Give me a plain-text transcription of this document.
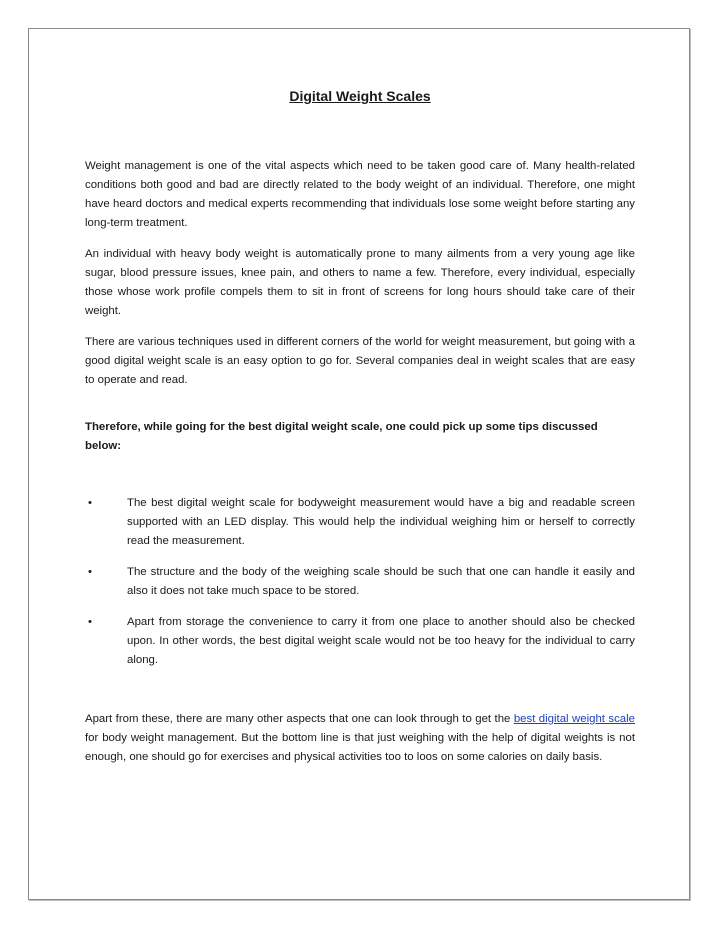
Digital Weight Scales

Weight management is one of the vital aspects which need to be taken good care of. Many health-related conditions both good and bad are directly related to the body weight of an individual. Therefore, one might have heard doctors and medical experts recommending that individuals lose some weight before starting any long-term treatment.

An individual with heavy body weight is automatically prone to many ailments from a very young age like sugar, blood pressure issues, knee pain, and others to name a few. Therefore, every individual, especially those whose work profile compels them to sit in front of screens for long hours should take care of their weight.

There are various techniques used in different corners of the world for weight measurement, but going with a good digital weight scale is an easy option to go for. Several companies deal in weight scales that are easy to operate and read.

Therefore, while going for the best digital weight scale, one could pick up some tips discussed below:

•	The best digital weight scale for bodyweight measurement would have a big and readable screen supported with an LED display. This would help the individual weighing him or herself to correctly read the measurement.
•	The structure and the body of the weighing scale should be such that one can handle it easily and also it does not take much space to be stored.
•	Apart from storage the convenience to carry it from one place to another should also be checked upon. In other words, the best digital weight scale would not be too heavy for the individual to carry along.

Apart from these, there are many other aspects that one can look through to get the best digital weight scale for body weight management. But the bottom line is that just weighing with the help of digital weights is not enough, one should go for exercises and physical activities too to loos on some calories on daily basis.
